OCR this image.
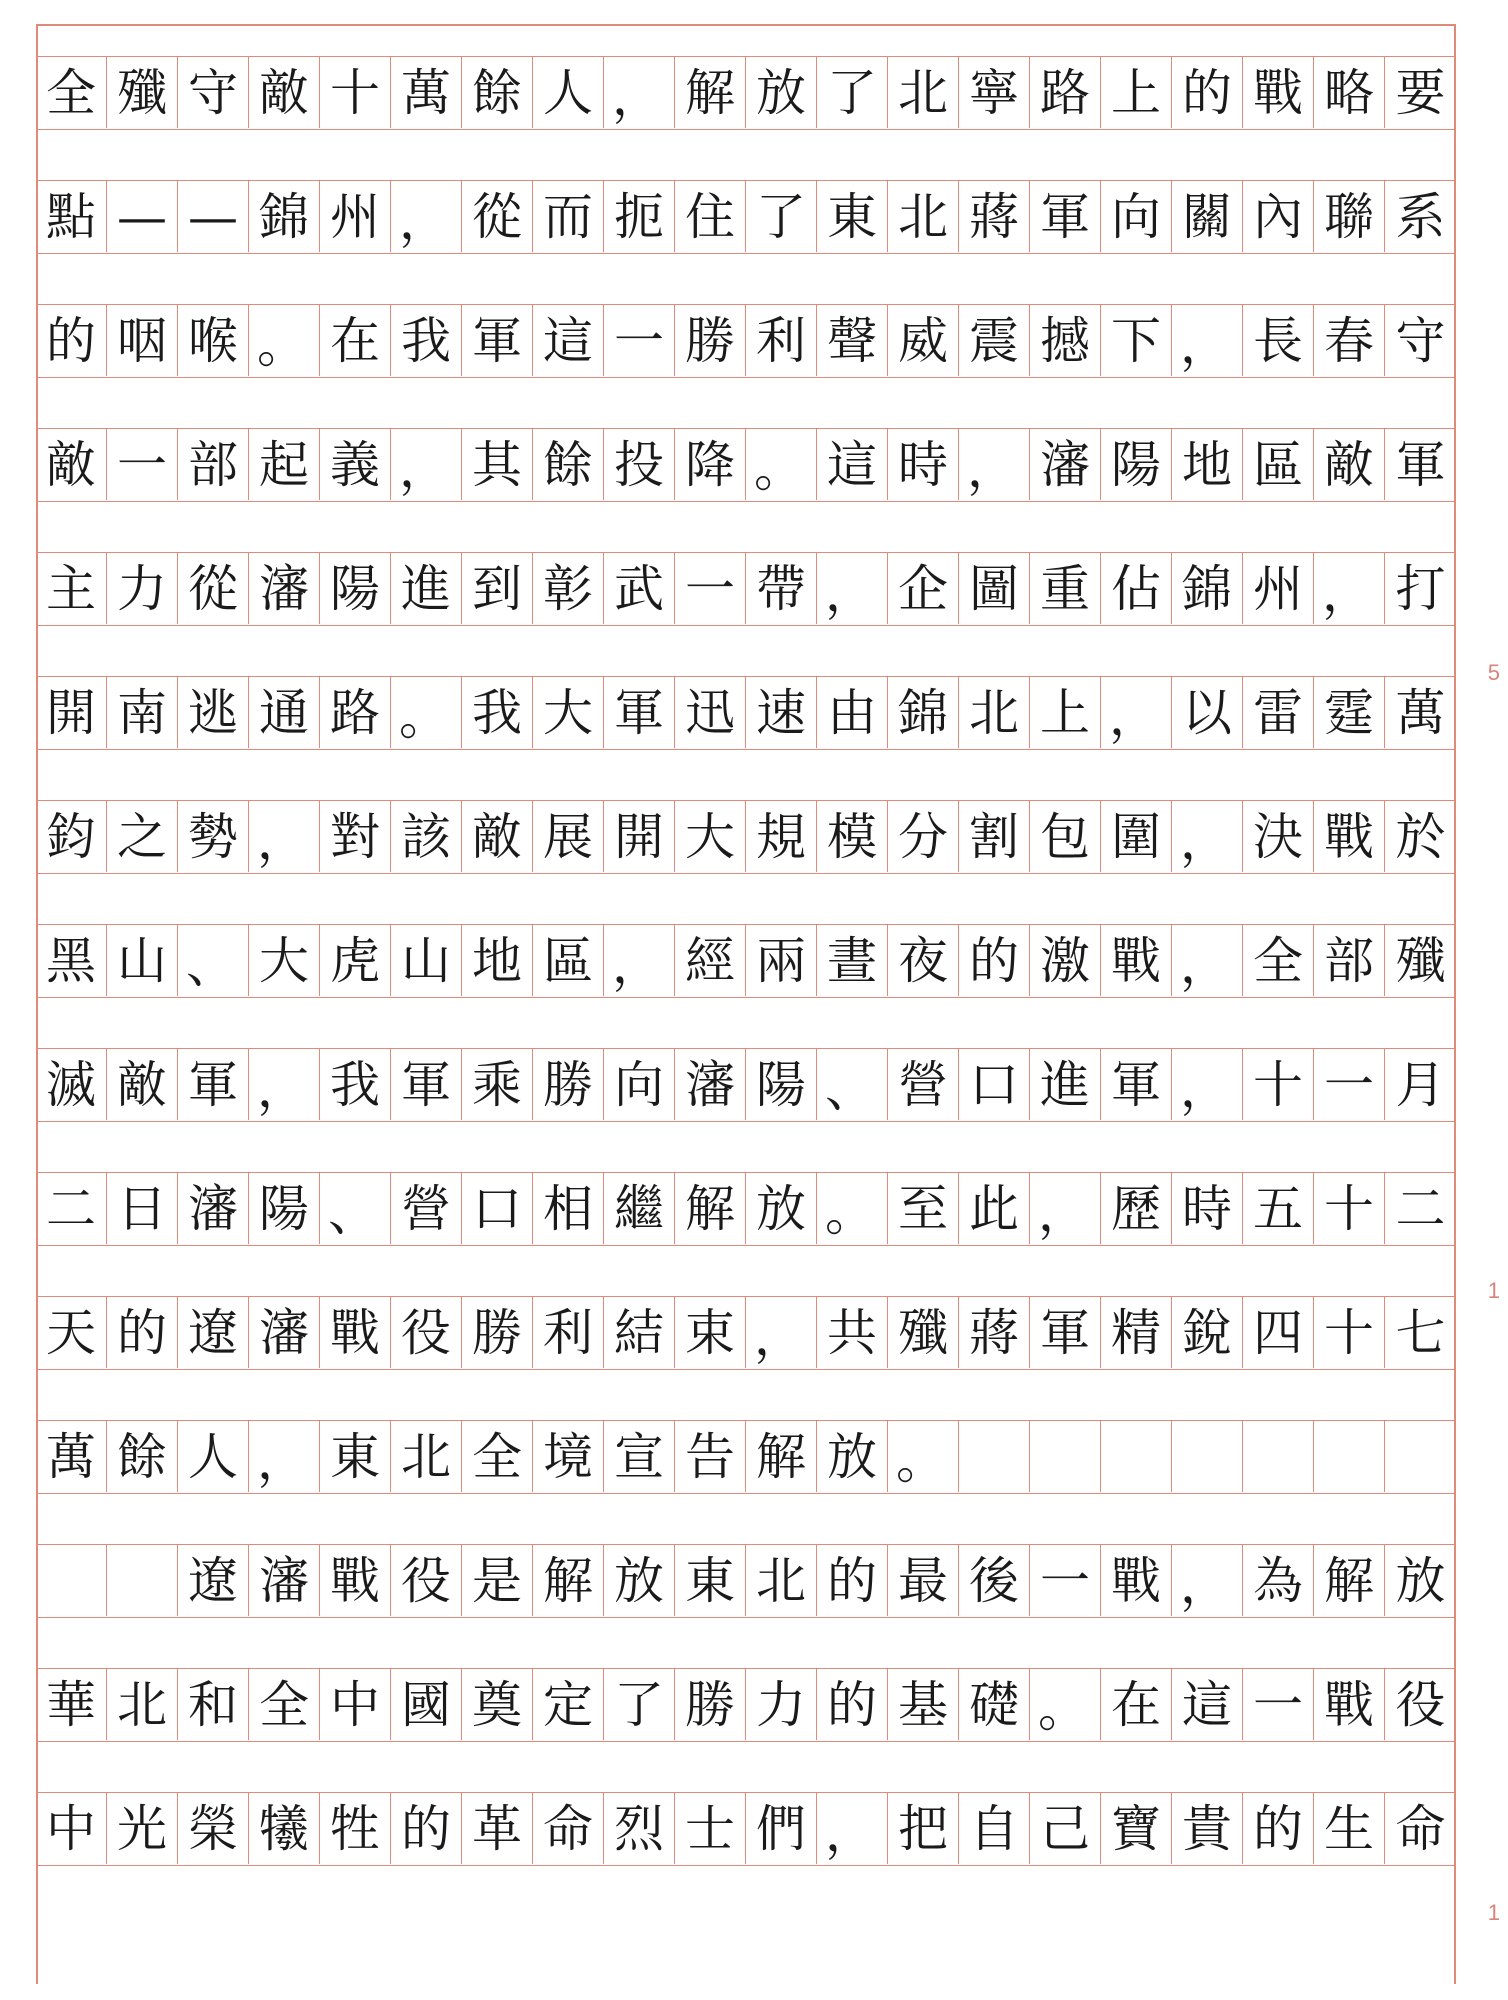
全 殲 守 敵 十 萬 餘 人 ， 解 放 了 北 寧 路 上 的 戰 略 要
點 — — 錦 州 ， 從 而 扼 住 了 東 北 蔣 軍 向 關 內 聯 系
的 咽 喉 。 在 我 軍 這 一 勝 利 聲 威 震 撼 下 ， 長 春 守
敵 一 部 起 義 ， 其 餘 投 降 。 這 時 ， 瀋 陽 地 區 敵 軍
主 力 從 瀋 陽 進 到 彰 武 一 帶 ， 企 圖 重 佔 錦 州 ， 打
開 南 逃 通 路 。 我 大 軍 迅 速 由 錦 北 上 ， 以 雷 霆 萬
鈞 之 勢 ， 對 該 敵 展 開 大 規 模 分 割 包 圍 ， 決 戰 於
黑 山 、 大 虎 山 地 區 ， 經 兩 晝 夜 的 激 戰 ， 全 部 殲
滅 敵 軍 ， 我 軍 乘 勝 向 瀋 陽 、 營 口 進 軍 ， 十 一 月
二 日 瀋 陽 、 營 口 相 繼 解 放 。 至 此 ， 歷 時 五 十 二
天 的 遼 瀋 戰 役 勝 利 結 束 ， 共 殲 蔣 軍 精 銳 四 十 七
萬 餘 人 ， 東 北 全 境 宣 告 解 放 。
遼 瀋 戰 役 是 解 放 東 北 的 最 後 一 戰 ， 為 解 放
華 北 和 全 中 國 奠 定 了 勝 力 的 基 礎 。 在 這 一 戰 役
中 光 榮 犧 牲 的 革 命 烈 士 們 ， 把 自 己 寶 貴 的 生 命
5
1
1
